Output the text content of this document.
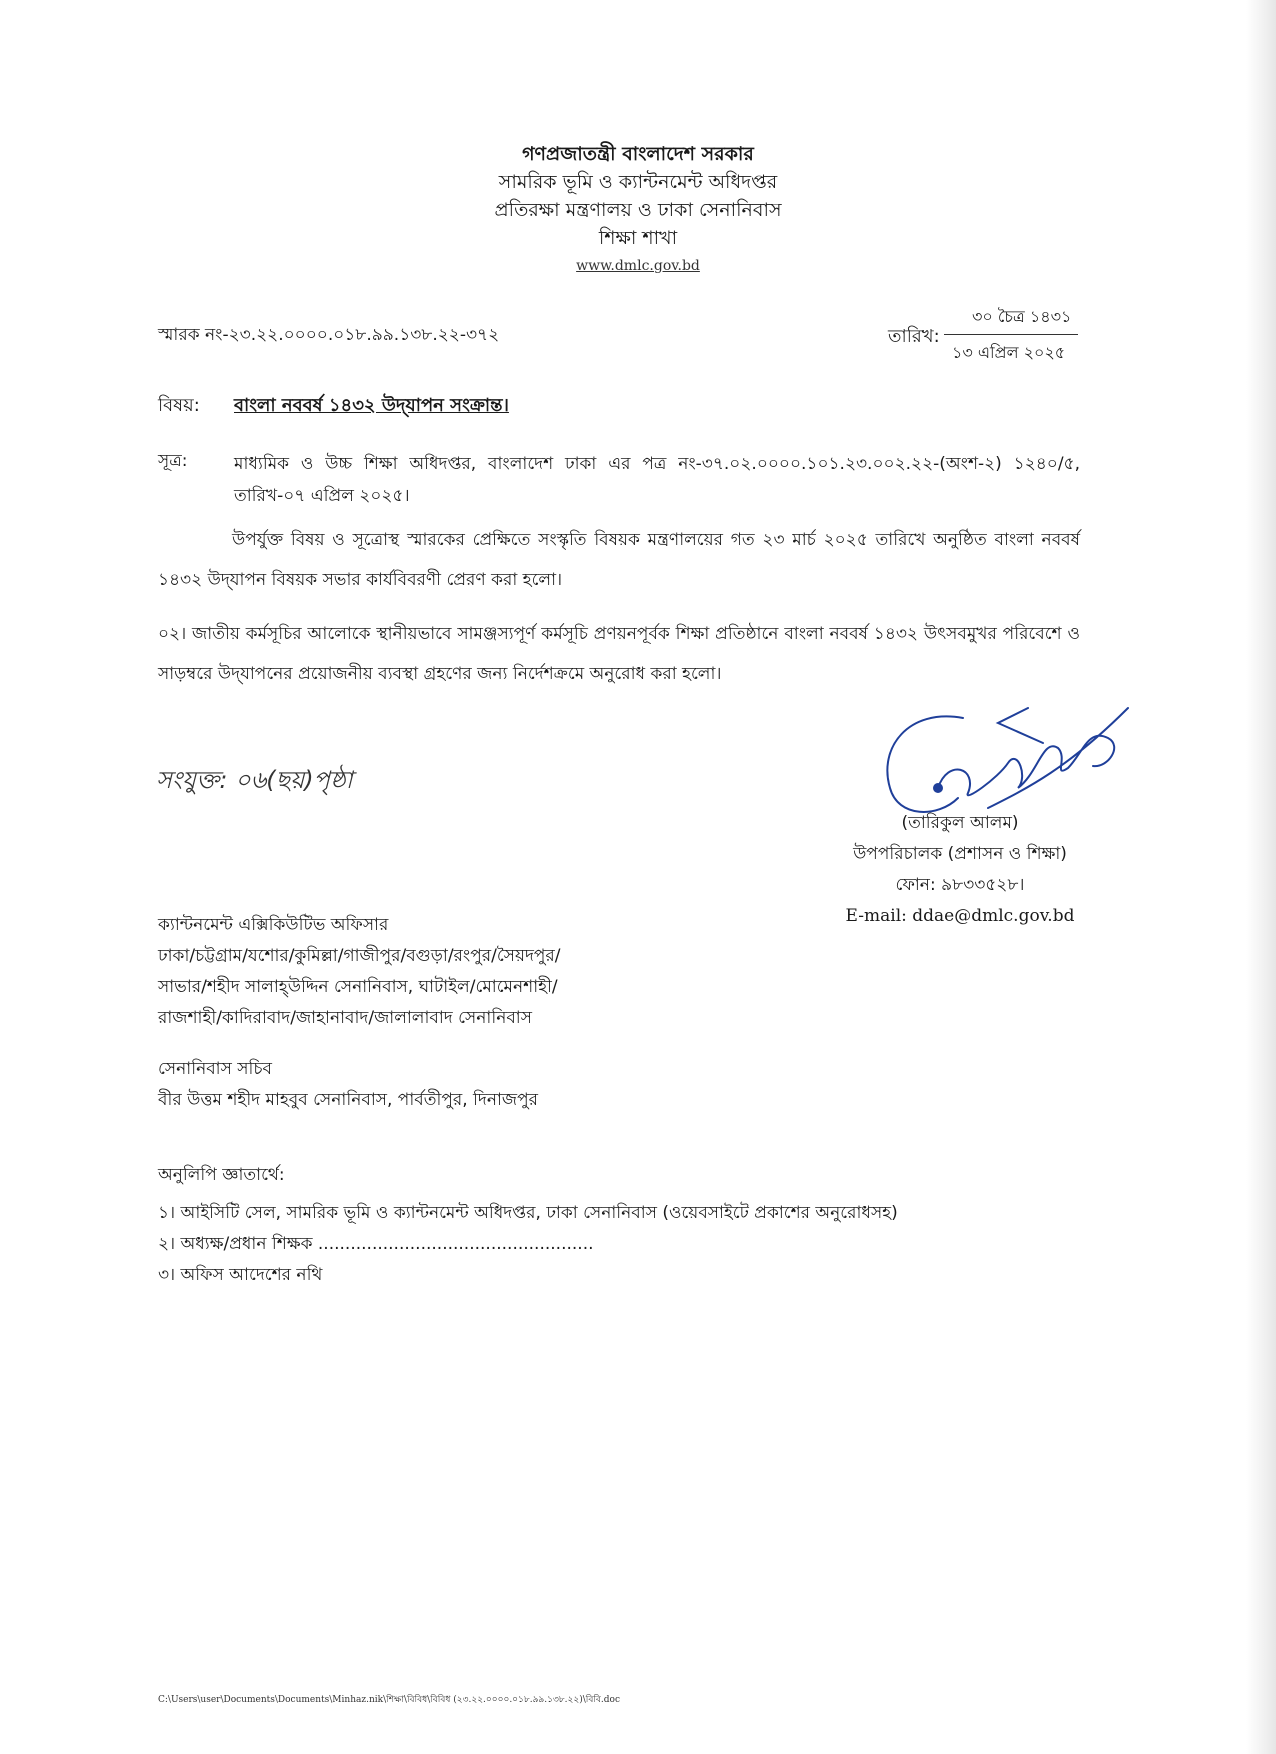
গণপ্রজাতন্ত্রী বাংলাদেশ সরকার
সামরিক ভূমি ও ক্যান্টনমেন্ট অধিদপ্তর
প্রতিরক্ষা মন্ত্রণালয় ও ঢাকা সেনানিবাস
শিক্ষা শাখা
www.dmlc.gov.bd
স্মারক নং-২৩.২২.০০০০.০১৮.৯৯.১৩৮.২২-৩৭২
৩০ চৈত্র ১৪৩১
তারিখ:
১৩ এপ্রিল ২০২৫
বিষয়: বাংলা নববর্ষ ১৪৩২ উদ্‌যাপন সংক্রান্ত।
সূত্র:	মাধ্যমিক ও উচ্চ শিক্ষা অধিদপ্তর, বাংলাদেশ ঢাকা এর পত্র নং-৩৭.০২.০০০০.১০১.২৩.০০২.২২-(অংশ-২) ১২৪০/৫, তারিখ-০৭ এপ্রিল ২০২৫।
উপর্যুক্ত বিষয় ও সূত্রোস্থ স্মারকের প্রেক্ষিতে সংস্কৃতি বিষয়ক মন্ত্রণালয়ের গত ২৩ মার্চ ২০২৫ তারিখে অনুষ্ঠিত বাংলা নববর্ষ ১৪৩২ উদ্‌যাপন বিষয়ক সভার কার্যবিবরণী প্রেরণ করা হলো।
০২। জাতীয় কর্মসূচির আলোকে স্থানীয়ভাবে সামঞ্জস্যপূর্ণ কর্মসূচি প্রণয়নপূর্বক শিক্ষা প্রতিষ্ঠানে বাংলা নববর্ষ ১৪৩২ উৎসবমুখর পরিবেশে ও সাড়ম্বরে উদ্‌যাপনের প্রয়োজনীয় ব্যবস্থা গ্রহণের জন্য নির্দেশক্রমে অনুরোধ করা হলো।
সংযুক্ত: ০৬(ছয়)পৃষ্ঠা
(তারিকুল আলম)
উপপরিচালক (প্রশাসন ও শিক্ষা)
ফোন: ৯৮৩৩৫২৮।
E-mail: ddae@dmlc.gov.bd
ক্যান্টনমেন্ট এক্সিকিউটিভ অফিসার
ঢাকা/চট্টগ্রাম/যশোর/কুমিল্লা/গাজীপুর/বগুড়া/রংপুর/সৈয়দপুর/
সাভার/শহীদ সালাহ্উদ্দিন সেনানিবাস, ঘাটাইল/মোমেনশাহী/
রাজশাহী/কাদিরাবাদ/জাহানাবাদ/জালালাবাদ সেনানিবাস
সেনানিবাস সচিব
বীর উত্তম শহীদ মাহবুব সেনানিবাস, পার্বতীপুর, দিনাজপুর
অনুলিপি জ্ঞাতার্থে:
১। আইসিটি সেল, সামরিক ভূমি ও ক্যান্টনমেন্ট অধিদপ্তর, ঢাকা সেনানিবাস (ওয়েবসাইটে প্রকাশের অনুরোধসহ)
২। অধ্যক্ষ/প্রধান শিক্ষক ...................................................
৩। অফিস আদেশের নথি
C:\Users\user\Documents\Documents\Minhaz.nik\শিক্ষা\বিবিধ\বিবিধ (২৩.২২.০০০০.০১৮.৯৯.১৩৮.২২)\বিবি.doc
